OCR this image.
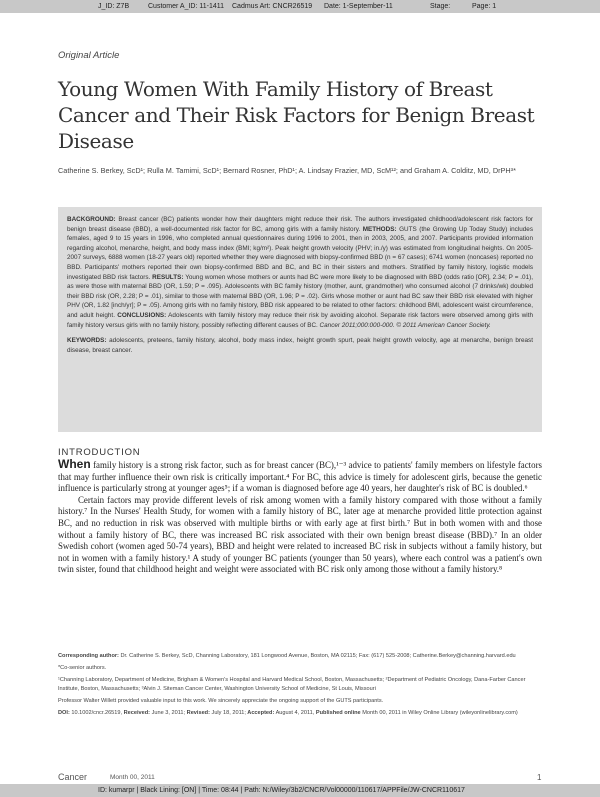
J_ID: Z7B	Customer A_ID: 11-1411 Cadmus Art: CNCR26519 Date: 1-September-11	Stage:	Page: 1
Original Article
Young Women With Family History of Breast Cancer and Their Risk Factors for Benign Breast Disease

Catherine S. Berkey, ScD¹; Rulla M. Tamimi, ScD¹; Bernard Rosner, PhD¹; A. Lindsay Frazier, MD, ScM¹²; and Graham A. Colditz, MD, DrPH³*

BACKGROUND: Breast cancer (BC) patients wonder how their daughters might reduce their risk. The authors investigated childhood/adolescent risk factors for benign breast disease (BBD), a well-documented risk factor for BC, among girls with a family history. METHODS: GUTS (the Growing Up Today Study) includes females, aged 9 to 15 years in 1996, who completed annual questionnaires during 1996 to 2001, then in 2003, 2005, and 2007. Participants provided information regarding alcohol, menarche, height, and body mass index (BMI; kg/m²). Peak height growth velocity (PHV; in./y) was estimated from longitudinal heights. On 2005-2007 surveys, 6888 women (18-27 years old) reported whether they were diagnosed with biopsy-confirmed BBD (n = 67 cases); 6741 women (noncases) reported no BBD. Participants' mothers reported their own biopsy-confirmed BBD and BC, and BC in their sisters and mothers. Stratified by family history, logistic models investigated BBD risk factors. RESULTS: Young women whose mothers or aunts had BC were more likely to be diagnosed with BBD (odds ratio [OR], 2.34; P = .01), as were those with maternal BBD (OR, 1.59; P = .095). Adolescents with BC family history (mother, aunt, grandmother) who consumed alcohol (7 drinks/wk) doubled their BBD risk (OR, 2.28; P = .01), similar to those with maternal BBD (OR, 1.96; P = .02). Girls whose mother or aunt had BC saw their BBD risk elevated with higher PHV (OR, 1.82 [inch/yr]; P = .05). Among girls with no family history, BBD risk appeared to be related to other factors: childhood BMI, adolescent waist circumference, and adult height. CONCLUSIONS: Adolescents with family history may reduce their risk by avoiding alcohol. Separate risk factors were observed among girls with family history versus girls with no family history, possibly reflecting different causes of BC. Cancer 2011;000:000-000. © 2011 American Cancer Society.

KEYWORDS: adolescents, preteens, family history, alcohol, body mass index, height growth spurt, peak height growth velocity, age at menarche, benign breast disease, breast cancer.

INTRODUCTION

When family history is a strong risk factor, such as for breast cancer (BC),¹⁻³ advice to patients' family members on lifestyle factors that may further influence their own risk is critically important.⁴ For BC, this advice is timely for adolescent girls, because the genetic influence is particularly strong at younger ages⁵; if a woman is diagnosed before age 40 years, her daughter's risk of BC is doubled.⁶

Certain factors may provide different levels of risk among women with a family history compared with those without a family history.⁷ In the Nurses' Health Study, for women with a family history of BC, later age at menarche provided little protection against BC, and no reduction in risk was observed with multiple births or with early age at first birth.⁷ But in both women with and those without a family history of BC, there was increased BC risk associated with their own benign breast disease (BBD).⁷ In an older Swedish cohort (women aged 50-74 years), BBD and height were related to increased BC risk in subjects without a family history, but not in women with a family history.¹ A study of younger BC patients (younger than 50 years), where each control was a patient's own twin sister, found that childhood height and weight were associated with BC risk only among those without a family history.⁸

Corresponding author: Dr. Catherine S. Berkey, ScD, Channing Laboratory, 181 Longwood Avenue, Boston, MA 02115; Fax: (617) 525-2008; Catherine.Berkey@channing.harvard.edu

*Co-senior authors.

¹Channing Laboratory, Department of Medicine, Brigham & Women's Hospital and Harvard Medical School, Boston, Massachusetts; ²Department of Pediatric Oncology, Dana-Farber Cancer Institute, Boston, Massachusetts; ³Alvin J. Siteman Cancer Center, Washington University School of Medicine, St Louis, Missouri

Professor Walter Willett provided valuable input to this work. We sincerely appreciate the ongoing support of the GUTS participants.

DOI: 10.1002/cncr.26519, Received: June 3, 2011; Revised: July 18, 2011; Accepted: August 4, 2011, Published online Month 00, 2011 in Wiley Online Library (wileyonlinelibrary.com)

Cancer	Month 00, 2011	1
ID: kumarpr | Black Lining: [ON] | Time: 08:44 | Path: N:/Wiley/3b2/CNCR/Vol00000/110617/APPFile/JW-CNCR110617
